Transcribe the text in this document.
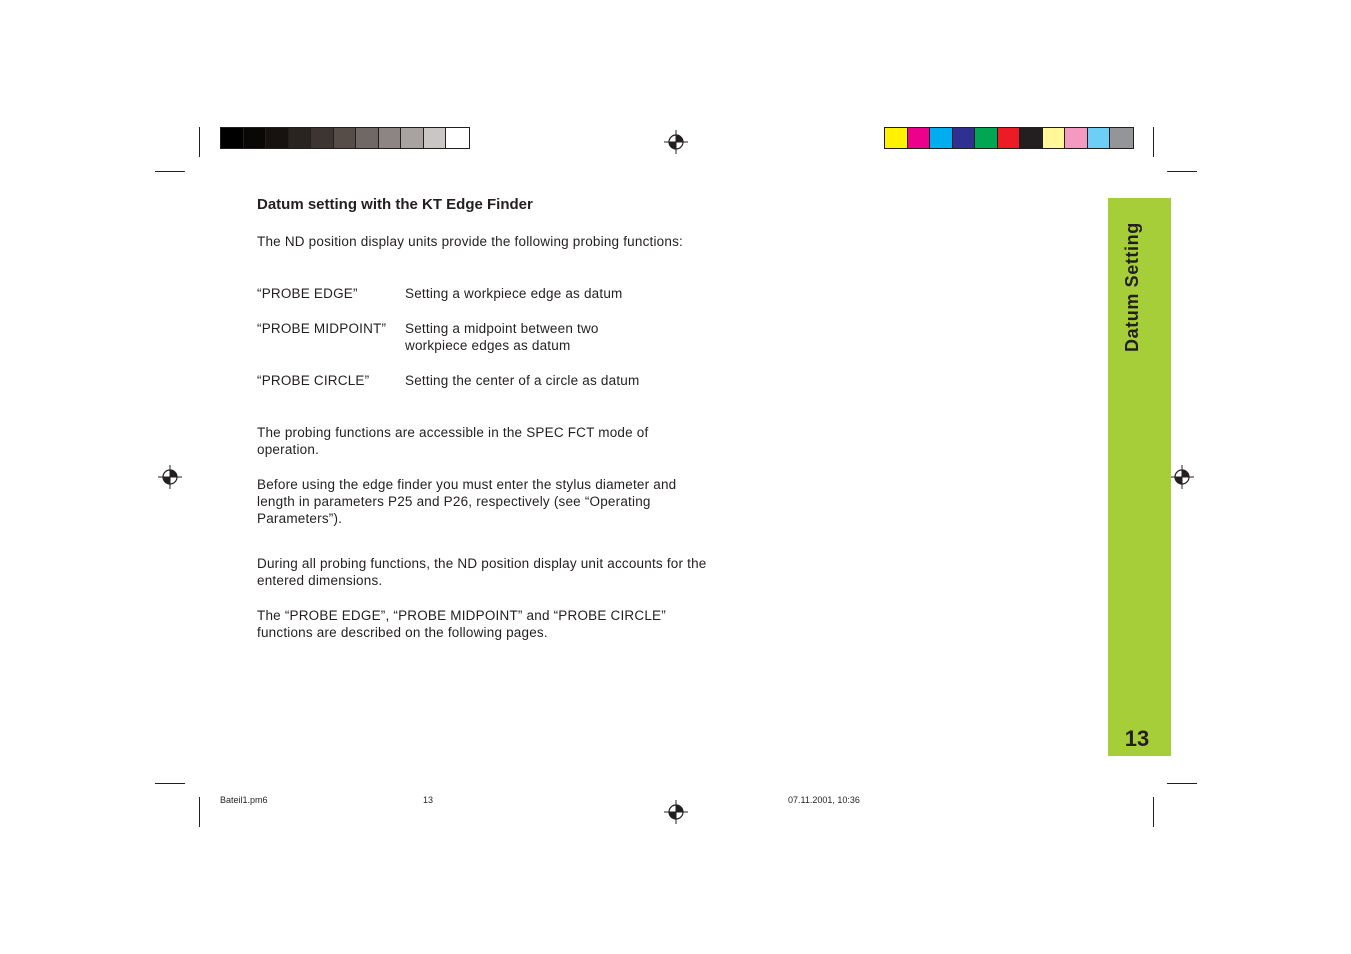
Datum setting with the KT Edge Finder
The ND position display units provide the following probing functions:
“PROBE EDGE”	Setting a workpiece edge as datum
“PROBE MIDPOINT” Setting a midpoint between two workpiece edges as datum
“PROBE CIRCLE”	Setting the center of a circle as datum
The probing functions are accessible in the SPEC FCT mode of operation.
Before using the edge finder you must enter the stylus diameter and length in parameters P25 and P26, respectively (see “Operating Parameters”).
During all probing functions, the ND position display unit accounts for the entered dimensions.
The “PROBE EDGE”, “PROBE MIDPOINT” and “PROBE CIRCLE” functions are described on the following pages.
Datum Setting
13
Bateil1.pm6	13	07.11.2001, 10:36
